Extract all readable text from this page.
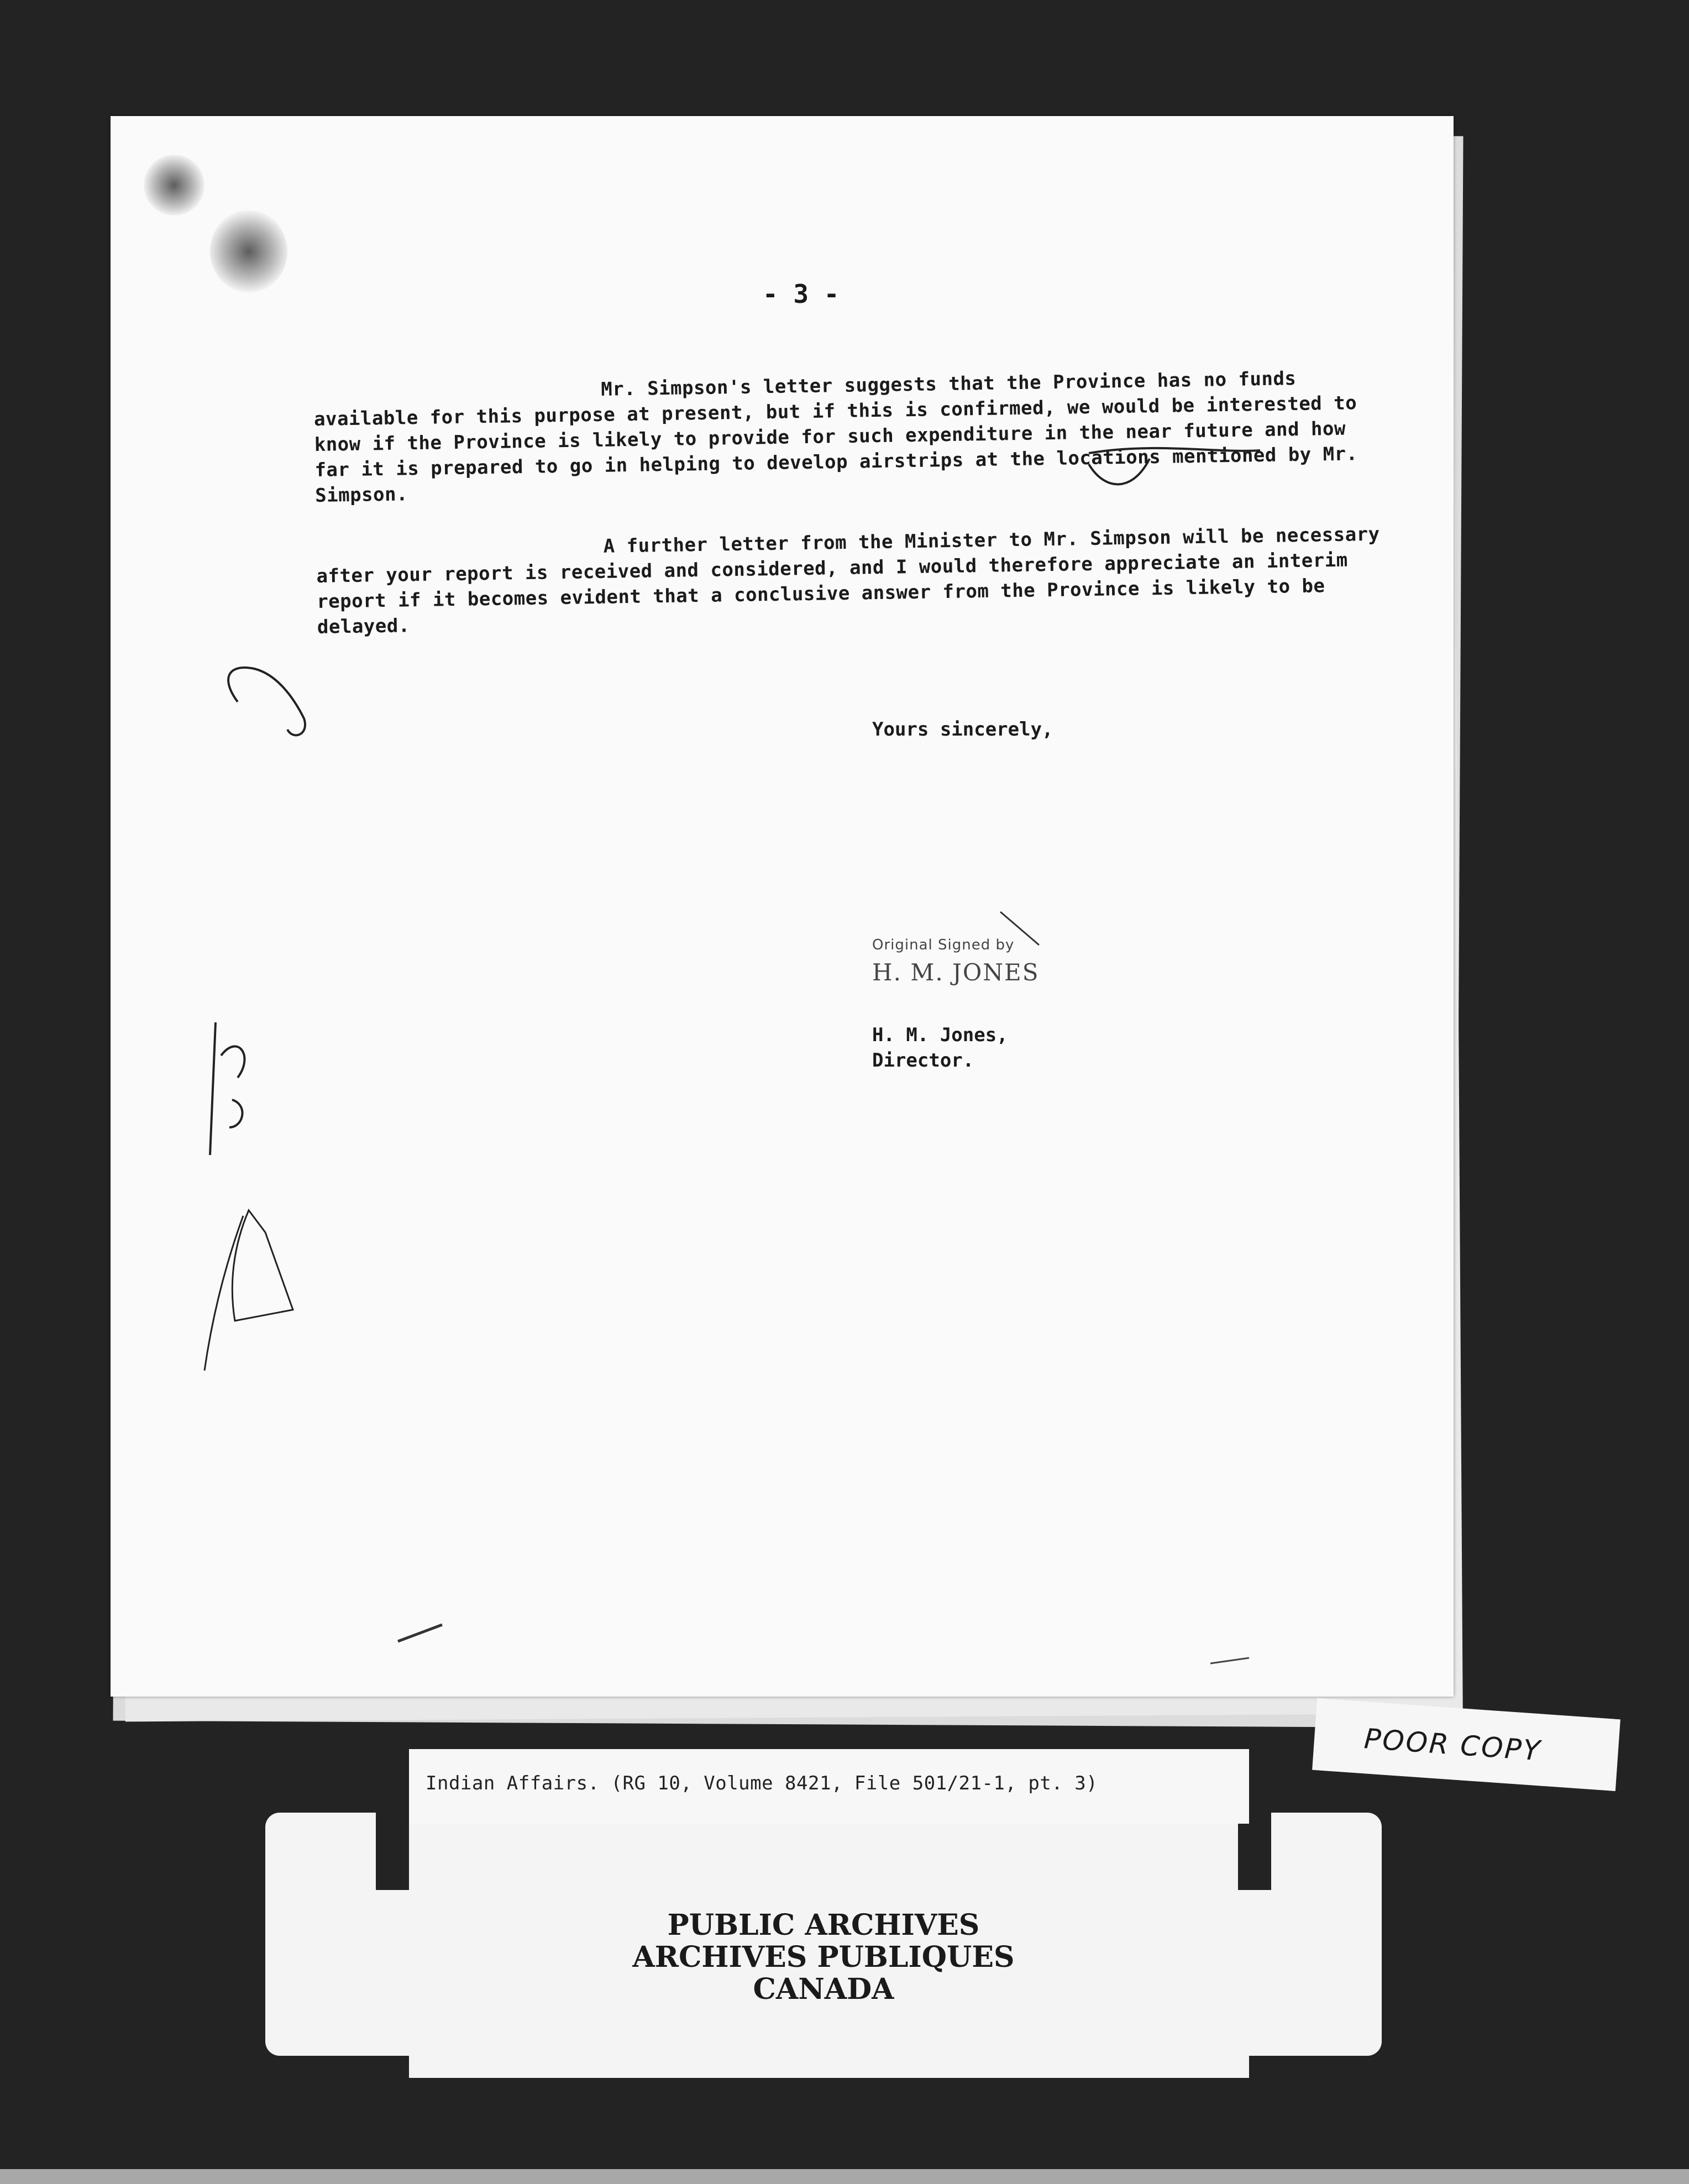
- 3 -

Mr. Simpson's letter suggests that the Province has no funds available for this purpose at present, but if this is confirmed, we would be interested to know if the Province is likely to provide for such expenditure in the near future and how far it is prepared to go in helping to develop airstrips at the locations mentioned by Mr. Simpson.

A further letter from the Minister to Mr. Simpson will be necessary after your report is received and considered, and I would therefore appreciate an interim report if it becomes evident that a conclusive answer from the Province is likely to be delayed.

Yours sincerely,
Original Signed by
H. M. JONES
H. M. Jones,
Director.
POOR COPY
PUBLIC ARCHIVES
ARCHIVES PUBLIQUES
CANADA
Indian Affairs. (RG 10, Volume 8421, File 501/21-1, pt. 3)
